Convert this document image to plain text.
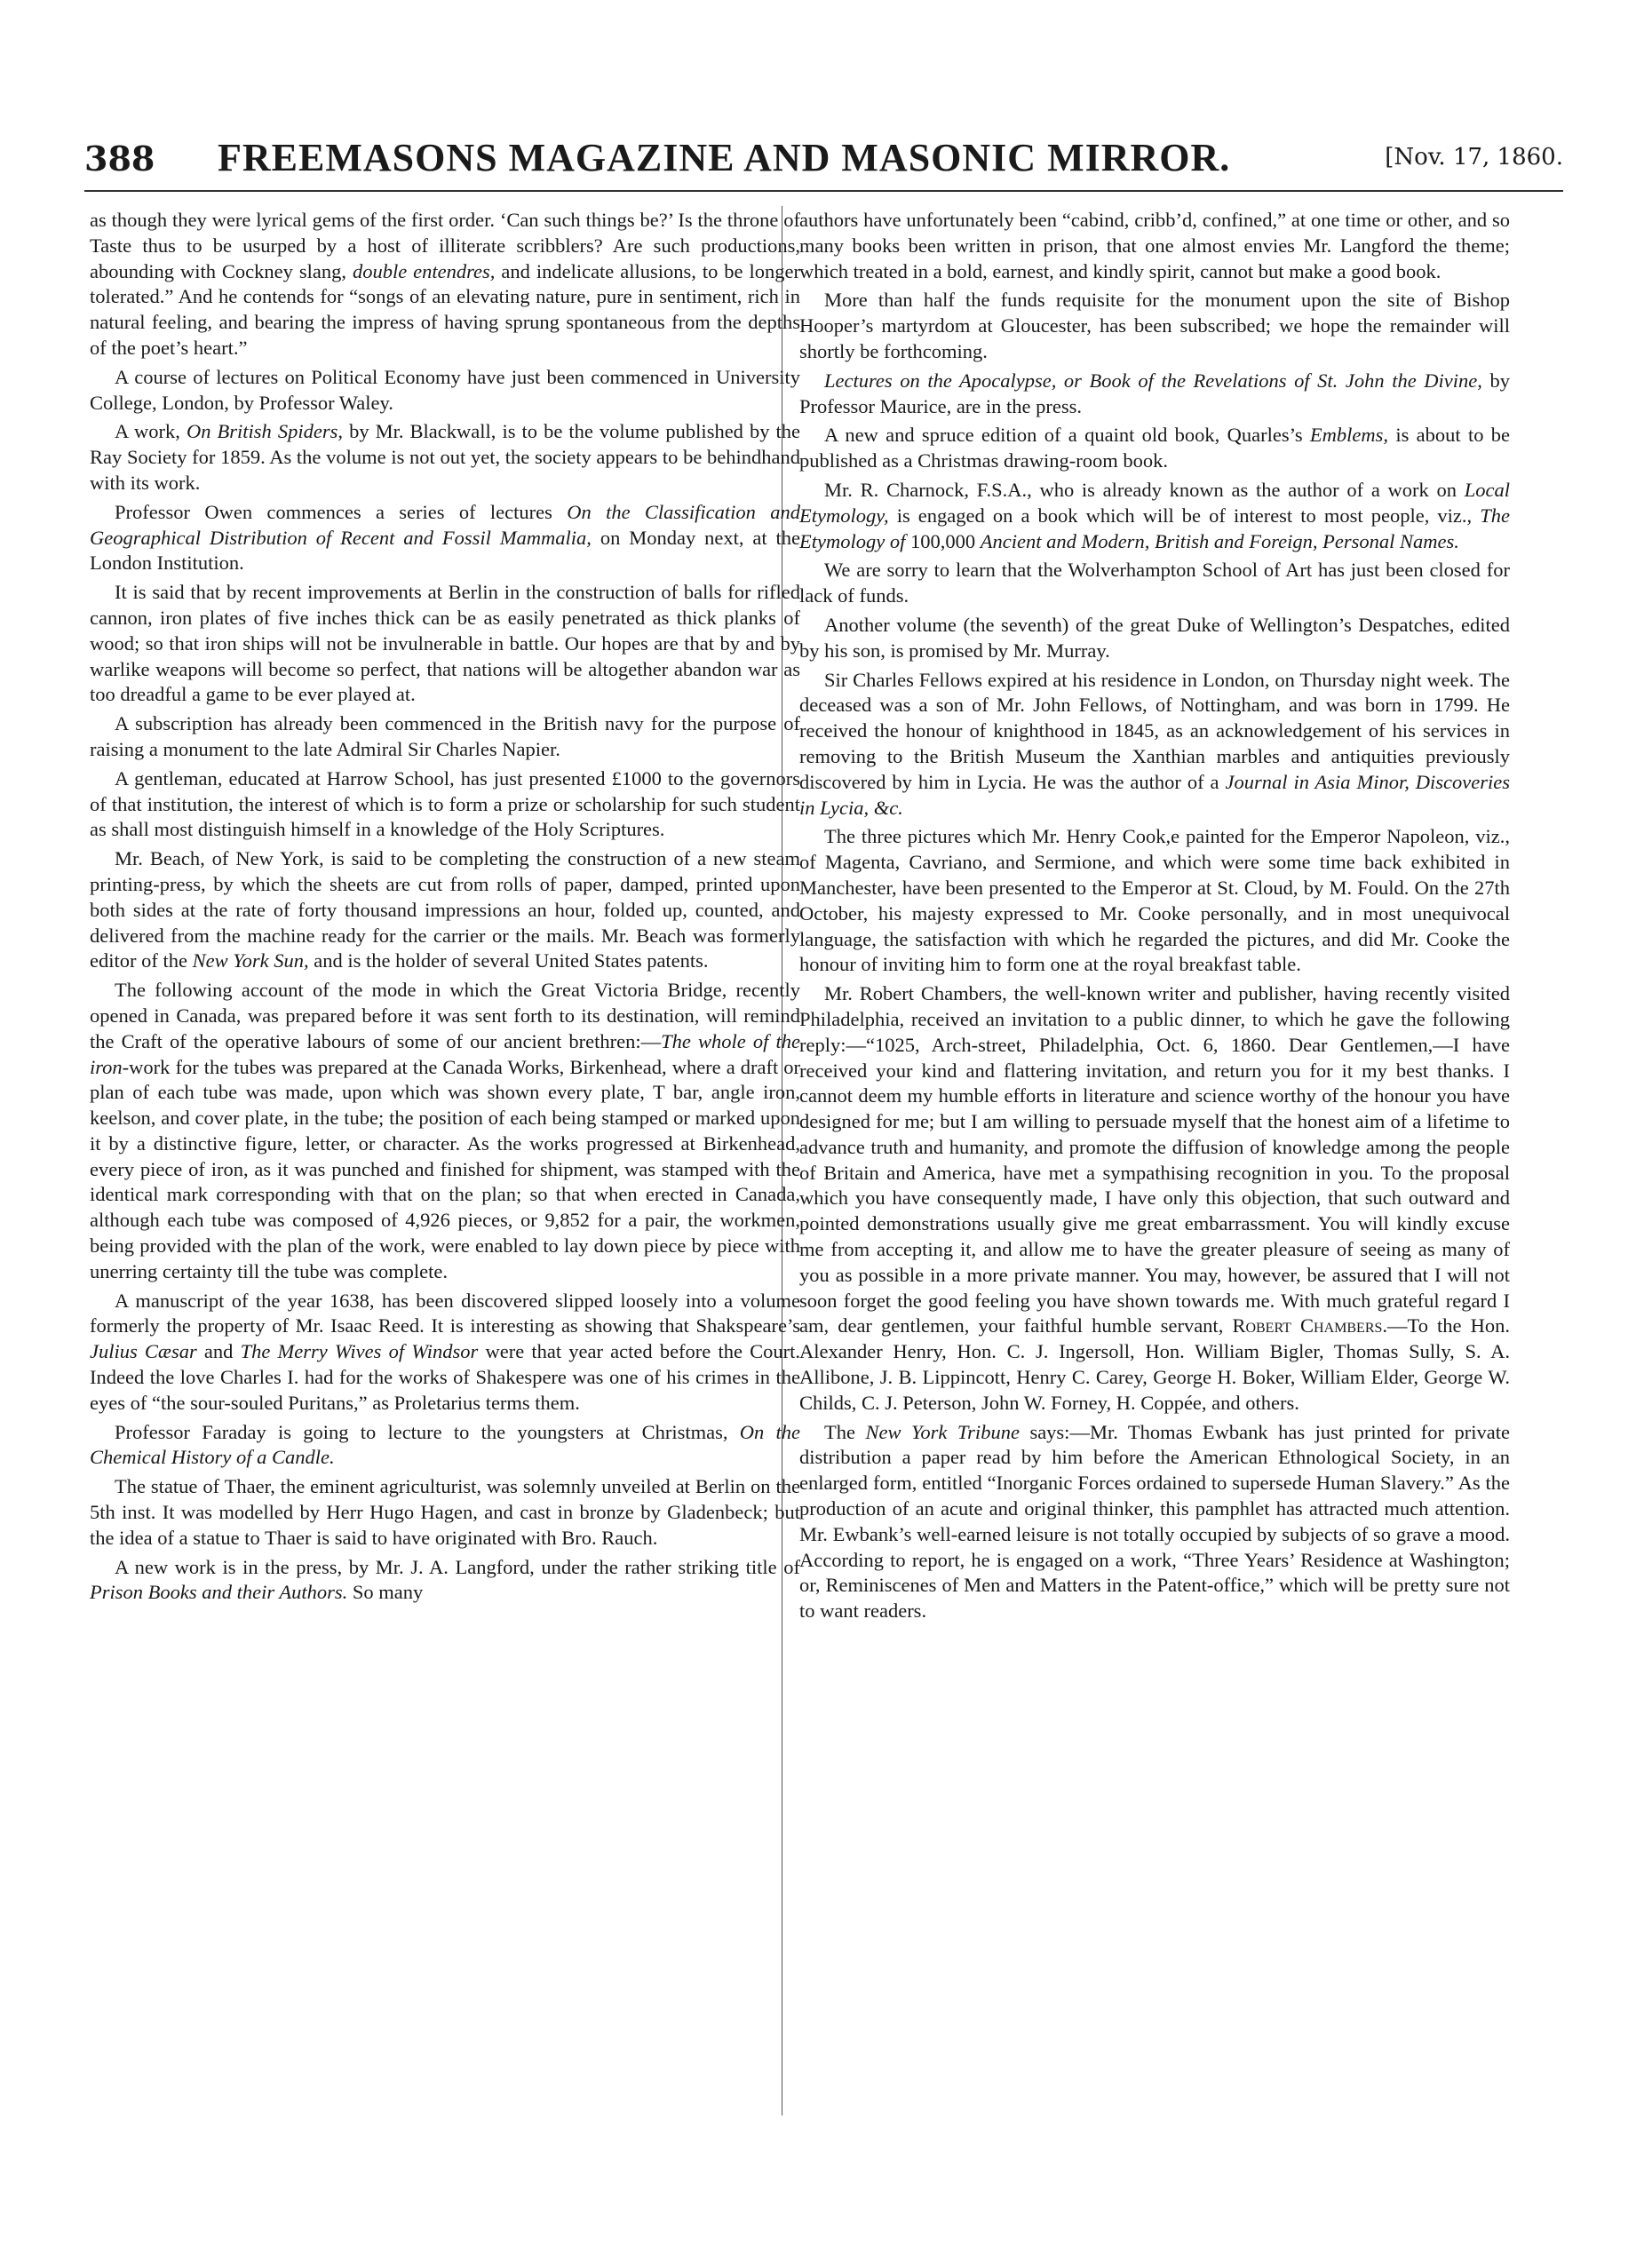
388 FREEMASONS MAGAZINE AND MASONIC MIRROR.	[Nov. 17, 1860.

as though they were lyrical gems of the first order. ‘Can such things be?’ Is the throne of Taste thus to be usurped by a host of illiterate scribblers? Are such productions, abounding with Cockney slang, double entendres, and indelicate allusions, to be longer tolerated.” And he contends for “songs of an elevating nature, pure in sentiment, rich in natural feeling, and bearing the impress of having sprung spontaneous from the depths of the poet’s heart.”

A course of lectures on Political Economy have just been commenced in University College, London, by Professor Waley.

A work, On British Spiders, by Mr. Blackwall, is to be the volume published by the Ray Society for 1859. As the volume is not out yet, the society appears to be behindhand with its work.

Professor Owen commences a series of lectures On the Classification and Geographical Distribution of Recent and Fossil Mammalia, on Monday next, at the London Institution.

It is said that by recent improvements at Berlin in the construction of balls for rifled cannon, iron plates of five inches thick can be as easily penetrated as thick planks of wood; so that iron ships will not be invulnerable in battle. Our hopes are that by and by warlike weapons will become so perfect, that nations will be altogether abandon war as too dreadful a game to be ever played at.

A subscription has already been commenced in the British navy for the purpose of raising a monument to the late Admiral Sir Charles Napier.

A gentleman, educated at Harrow School, has just presented £1000 to the governors of that institution, the interest of which is to form a prize or scholarship for such student as shall most distinguish himself in a knowledge of the Holy Scriptures.

Mr. Beach, of New York, is said to be completing the construction of a new steam printing-press, by which the sheets are cut from rolls of paper, damped, printed upon both sides at the rate of forty thousand impressions an hour, folded up, counted, and delivered from the machine ready for the carrier or the mails. Mr. Beach was formerly editor of the New York Sun, and is the holder of several United States patents.

The following account of the mode in which the Great Victoria Bridge, recently opened in Canada, was prepared before it was sent forth to its destination, will remind the Craft of the operative labours of some of our ancient brethren:—The whole of the iron-work for the tubes was prepared at the Canada Works, Birkenhead, where a draft or plan of each tube was made, upon which was shown every plate, T bar, angle iron, keelson, and cover plate, in the tube; the position of each being stamped or marked upon it by a distinctive figure, letter, or character. As the works progressed at Birkenhead, every piece of iron, as it was punched and finished for shipment, was stamped with the identical mark corresponding with that on the plan; so that when erected in Canada, although each tube was composed of 4,926 pieces, or 9,852 for a pair, the workmen, being provided with the plan of the work, were enabled to lay down piece by piece with unerring certainty till the tube was complete.

A manuscript of the year 1638, has been discovered slipped loosely into a volume formerly the property of Mr. Isaac Reed. It is interesting as showing that Shakspeare’s Julius Cæsar and The Merry Wives of Windsor were that year acted before the Court. Indeed the love Charles I. had for the works of Shakespere was one of his crimes in the eyes of “the sour-souled Puritans,” as Proletarius terms them.

Professor Faraday is going to lecture to the youngsters at Christmas, On the Chemical History of a Candle.

The statue of Thaer, the eminent agriculturist, was solemnly unveiled at Berlin on the 5th inst. It was modelled by Herr Hugo Hagen, and cast in bronze by Gladenbeck; but the idea of a statue to Thaer is said to have originated with Bro. Rauch.

A new work is in the press, by Mr. J. A. Langford, under the rather striking title of Prison Books and their Authors. So many

authors have unfortunately been “cabind, cribb’d, confined,” at one time or other, and so many books been written in prison, that one almost envies Mr. Langford the theme; which treated in a bold, earnest, and kindly spirit, cannot but make a good book.

More than half the funds requisite for the monument upon the site of Bishop Hooper’s martyrdom at Gloucester, has been subscribed; we hope the remainder will shortly be forthcoming.

Lectures on the Apocalypse, or Book of the Revelations of St. John the Divine, by Professor Maurice, are in the press.

A new and spruce edition of a quaint old book, Quarles’s Emblems, is about to be published as a Christmas drawing-room book.

Mr. R. Charnock, F.S.A., who is already known as the author of a work on Local Etymology, is engaged on a book which will be of interest to most people, viz., The Etymology of 100,000 Ancient and Modern, British and Foreign, Personal Names.

We are sorry to learn that the Wolverhampton School of Art has just been closed for lack of funds.

Another volume (the seventh) of the great Duke of Wellington’s Despatches, edited by his son, is promised by Mr. Murray.

Sir Charles Fellows expired at his residence in London, on Thursday night week. The deceased was a son of Mr. John Fellows, of Nottingham, and was born in 1799. He received the honour of knighthood in 1845, as an acknowledgement of his services in removing to the British Museum the Xanthian marbles and antiquities previously discovered by him in Lycia. He was the author of a Journal in Asia Minor, Discoveries in Lycia, &c.

The three pictures which Mr. Henry Cook,e painted for the Emperor Napoleon, viz., of Magenta, Cavriano, and Sermione, and which were some time back exhibited in Manchester, have been presented to the Emperor at St. Cloud, by M. Fould. On the 27th October, his majesty expressed to Mr. Cooke personally, and in most unequivocal language, the satisfaction with which he regarded the pictures, and did Mr. Cooke the honour of inviting him to form one at the royal breakfast table.

Mr. Robert Chambers, the well-known writer and publisher, having recently visited Philadelphia, received an invitation to a public dinner, to which he gave the following reply:—“1025, Arch-street, Philadelphia, Oct. 6, 1860. Dear Gentlemen,—I have received your kind and flattering invitation, and return you for it my best thanks. I cannot deem my humble efforts in literature and science worthy of the honour you have designed for me; but I am willing to persuade myself that the honest aim of a lifetime to advance truth and humanity, and promote the diffusion of knowledge among the people of Britain and America, have met a sympathising recognition in you. To the proposal which you have consequently made, I have only this objection, that such outward and pointed demonstrations usually give me great embarrassment. You will kindly excuse me from accepting it, and allow me to have the greater pleasure of seeing as many of you as possible in a more private manner. You may, however, be assured that I will not soon forget the good feeling you have shown towards me. With much grateful regard I am, dear gentlemen, your faithful humble servant, Robert Chambers.—To the Hon. Alexander Henry, Hon. C. J. Ingersoll, Hon. William Bigler, Thomas Sully, S. A. Allibone, J. B. Lippincott, Henry C. Carey, George H. Boker, William Elder, George W. Childs, C. J. Peterson, John W. Forney, H. Coppée, and others.

The New York Tribune says:—Mr. Thomas Ewbank has just printed for private distribution a paper read by him before the American Ethnological Society, in an enlarged form, entitled “Inorganic Forces ordained to supersede Human Slavery.” As the production of an acute and original thinker, this pamphlet has attracted much attention. Mr. Ewbank’s well-earned leisure is not totally occupied by subjects of so grave a mood. According to report, he is engaged on a work, “Three Years’ Residence at Washington; or, Reminiscenes of Men and Matters in the Patent-office,” which will be pretty sure not to want readers.
